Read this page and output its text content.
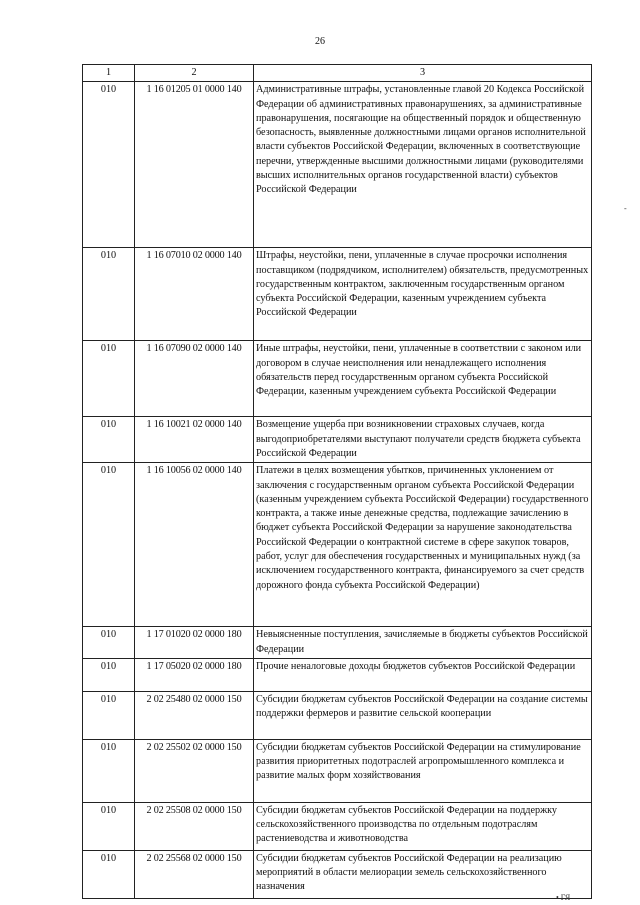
26
1	2	3
010	1 16 01205 01 0000 140	Административные штрафы, установленные главой 20 Кодекса Российской Федерации об административных правонарушениях, за административные правонарушения, посягающие на общественный порядок и общественную безопасность, выявленные должностными лицами органов исполнительной власти субъектов Российской Федерации, включенных в соответствующие перечни, утвержденные высшими должностными лицами (руководителями высших исполнительных органов государственной власти) субъектов Российской Федерации
010	1 16 07010 02 0000 140	Штрафы, неустойки, пени, уплаченные в случае просрочки исполнения поставщиком (подрядчиком, исполнителем) обязательств, предусмотренных государственным контрактом, заключенным государственным органом субъекта Российской Федерации, казенным учреждением субъекта Российской Федерации
010	1 16 07090 02 0000 140	Иные штрафы, неустойки, пени, уплаченные в соответствии с законом или договором в случае неисполнения или ненадлежащего исполнения обязательств перед государственным органом субъекта Российской Федерации, казенным учреждением субъекта Российской Федерации
010	1 16 10021 02 0000 140	Возмещение ущерба при возникновении страховых случаев, когда выгодоприобретателями выступают получатели средств бюджета субъекта Российской Федерации
010	1 16 10056 02 0000 140	Платежи в целях возмещения убытков, причиненных уклонением от заключения с государственным органом субъекта Российской Федерации (казенным учреждением субъекта Российской Федерации) государственного контракта, а также иные денежные средства, подлежащие зачислению в бюджет субъекта Российской Федерации за нарушение законодательства Российской Федерации о контрактной системе в сфере закупок товаров, работ, услуг для обеспечения государственных и муниципальных нужд (за исключением государственного контракта, финансируемого за счет средств дорожного фонда субъекта Российской Федерации)
010	1 17 01020 02 0000 180	Невыясненные поступления, зачисляемые в бюджеты субъектов Российской Федерации
010	1 17 05020 02 0000 180	Прочие неналоговые доходы бюджетов субъектов Российской Федерации
010	2 02 25480 02 0000 150	Субсидии бюджетам субъектов Российской Федерации на создание системы поддержки фермеров и развитие сельской кооперации
010	2 02 25502 02 0000 150	Субсидии бюджетам субъектов Российской Федерации на стимулирование развития приоритетных подотраслей агропромышленного комплекса и развитие малых форм хозяйствования
010	2 02 25508 02 0000 150	Субсидии бюджетам субъектов Российской Федерации на поддержку сельскохозяйственного производства по отдельным подотраслям растениеводства и животноводства
010	2 02 25568 02 0000 150	Субсидии бюджетам субъектов Российской Федерации на реализацию мероприятий в области мелиорации земель сельскохозяйственного назначения
-
• ГЯ
